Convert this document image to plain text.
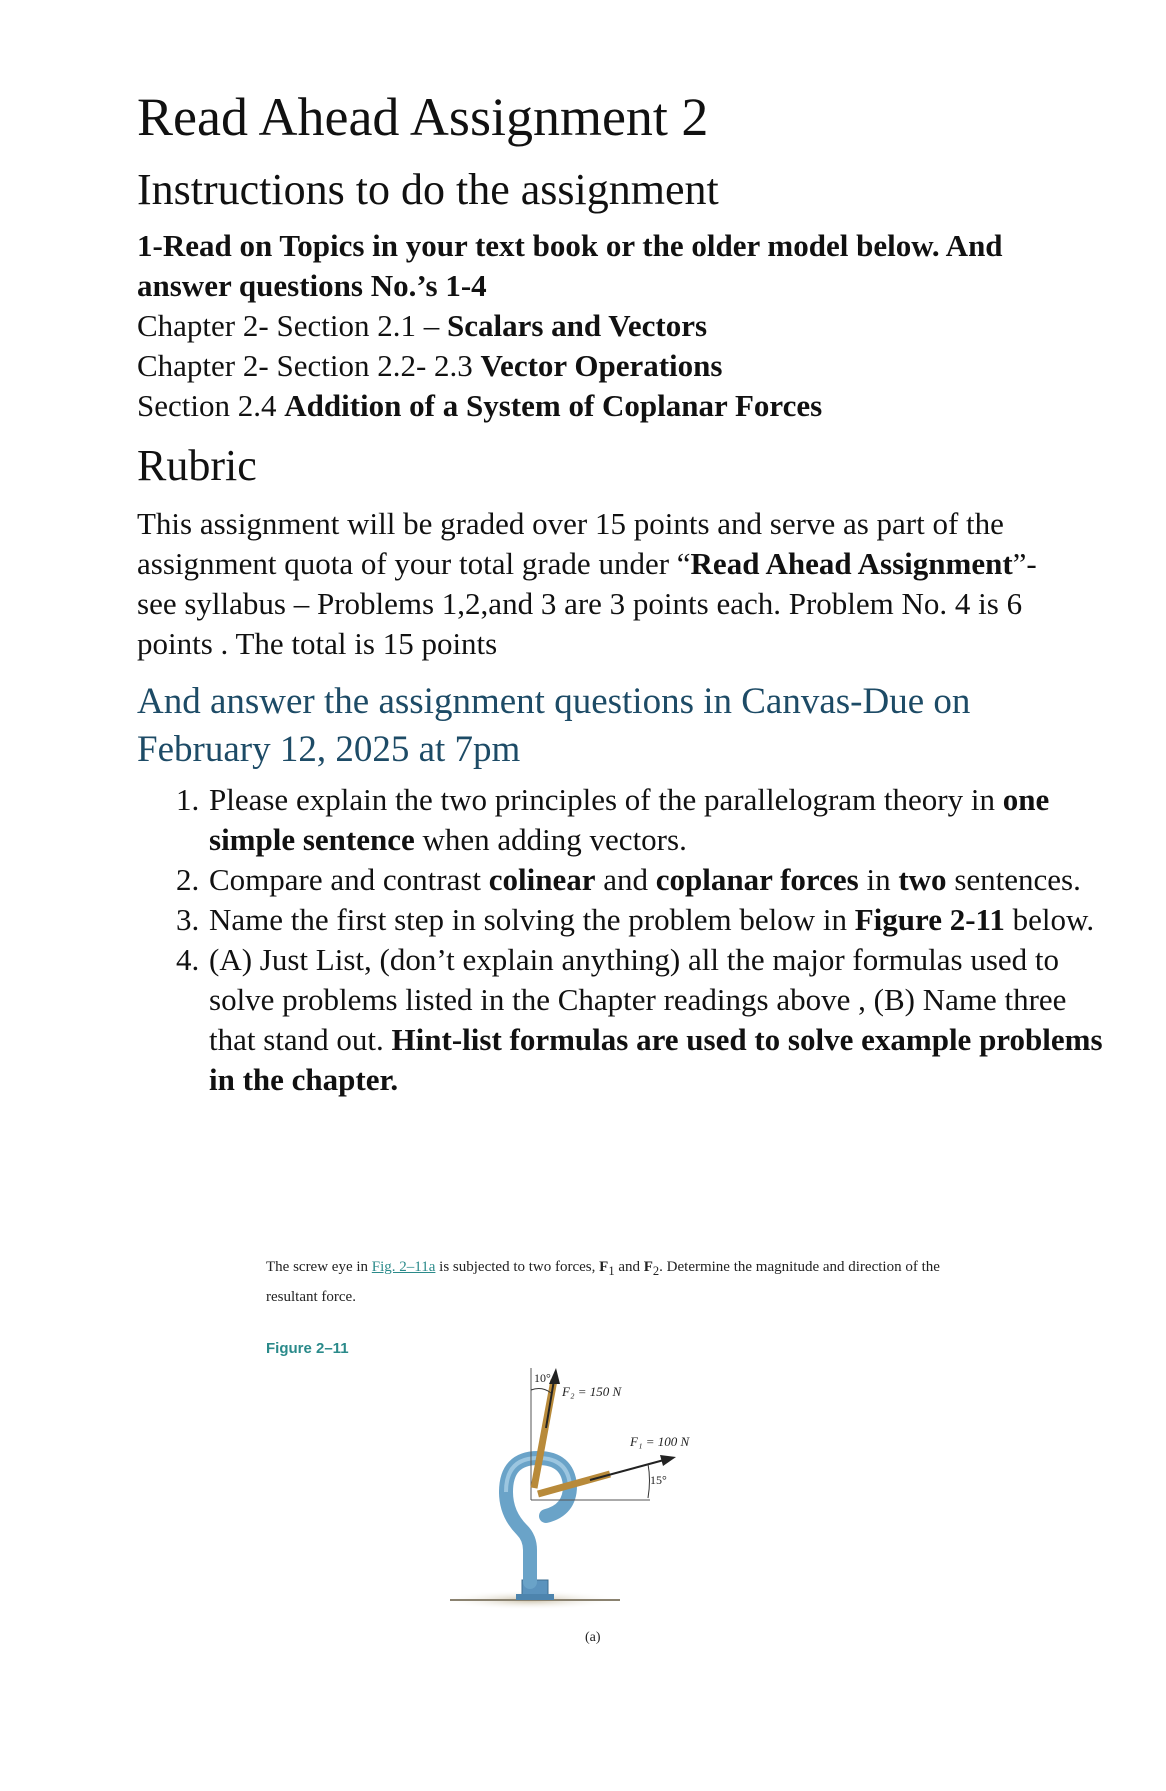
Read Ahead Assignment 2
Instructions to do the assignment
1-Read on Topics in your text book or the older model below. And answer questions No.’s 1-4
Chapter 2- Section 2.1 – Scalars and Vectors
Chapter 2- Section 2.2- 2.3 Vector Operations
Section 2.4 Addition of a System of Coplanar Forces
Rubric
This assignment will be graded over 15 points and serve as part of the assignment quota of your total grade under “Read Ahead Assignment”-see syllabus – Problems 1,2,and 3 are 3 points each. Problem No. 4 is 6 points . The total is 15 points
And answer the assignment questions in Canvas-Due on February 12, 2025 at 7pm
1. Please explain the two principles of the parallelogram theory in one simple sentence when adding vectors.
2. Compare and contrast colinear and coplanar forces in two sentences.
3. Name the first step in solving the problem below in Figure 2-11 below.
4. (A) Just List, (don’t explain anything) all the major formulas used to solve problems listed in the Chapter readings above , (B) Name three that stand out. Hint-list formulas are used to solve example problems in the chapter.
The screw eye in Fig. 2–11a is subjected to two forces, $F_1$ and $F_2$. Determine the magnitude and direction of the resultant force.
Figure 2–11
10°
F₂ = 150 N
F₁ = 100 N
15°
(a)
